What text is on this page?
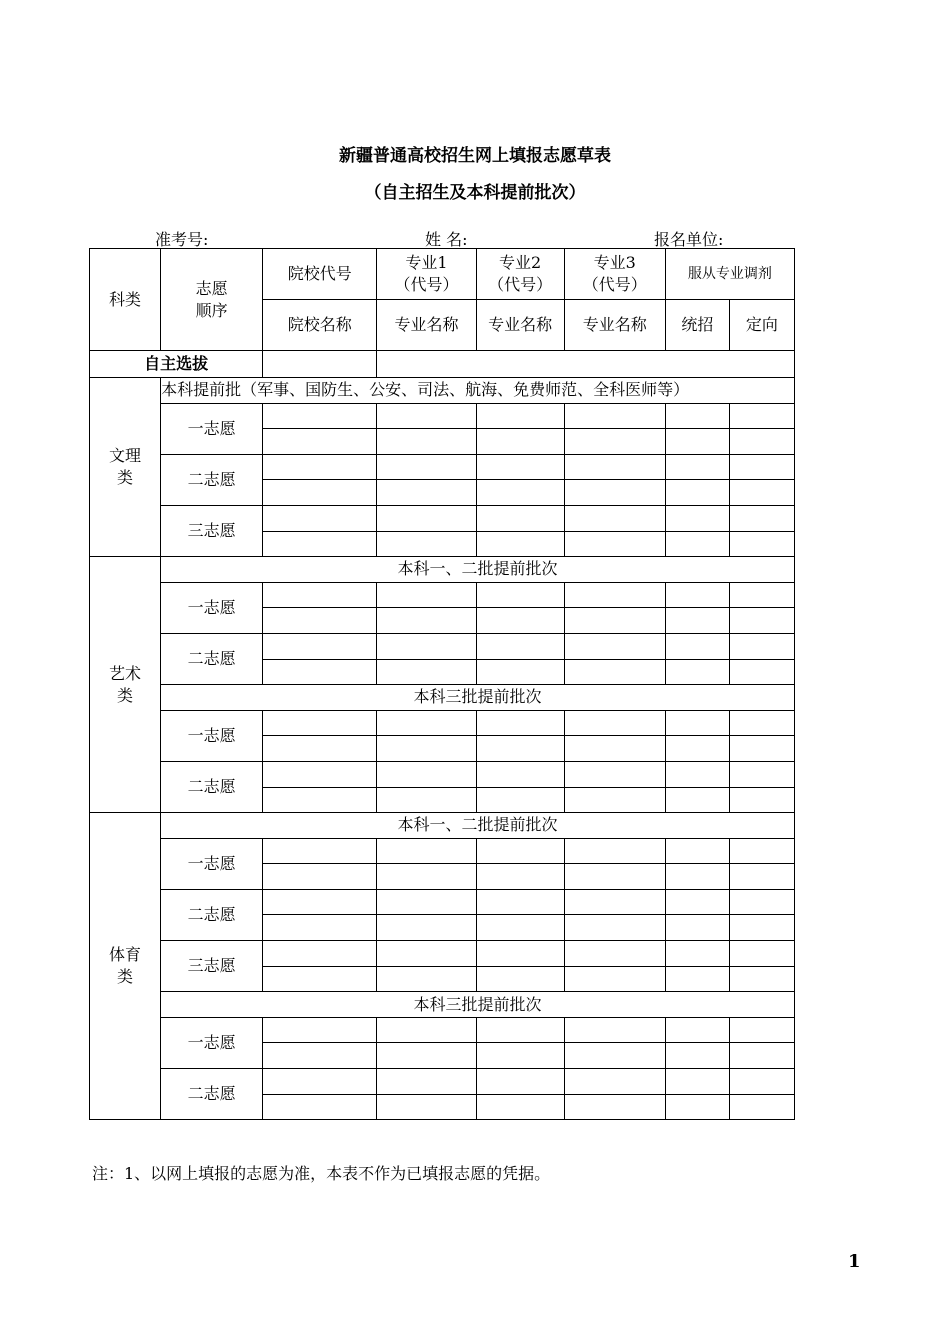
新疆普通高校招生网上填报志愿草表
（自主招生及本科提前批次）
准考号:	姓 名:	报名单位:
科类	志愿顺序	院校代号	专业1（代号）	专业2（代号）	专业3（代号）	服从专业调剂	
		院校名称	专业名称	专业名称	专业名称	统招	定向
自主选拔							

文理类	本科提前批（军事、国防生、公安、司法、航海、免费师范、全科医师等）						
	一志愿						

	二志愿						

	三志愿						

艺术类	本科一、二批提前批次						
	一志愿						

	二志愿						

	本科三批提前批次						
	一志愿						

	二志愿						

体育类	本科一、二批提前批次						
	一志愿						

	二志愿						

	三志愿						

	本科三批提前批次						
	一志愿						

	二志愿						

注：1、以网上填报的志愿为准，本表不作为已填报志愿的凭据。
1
